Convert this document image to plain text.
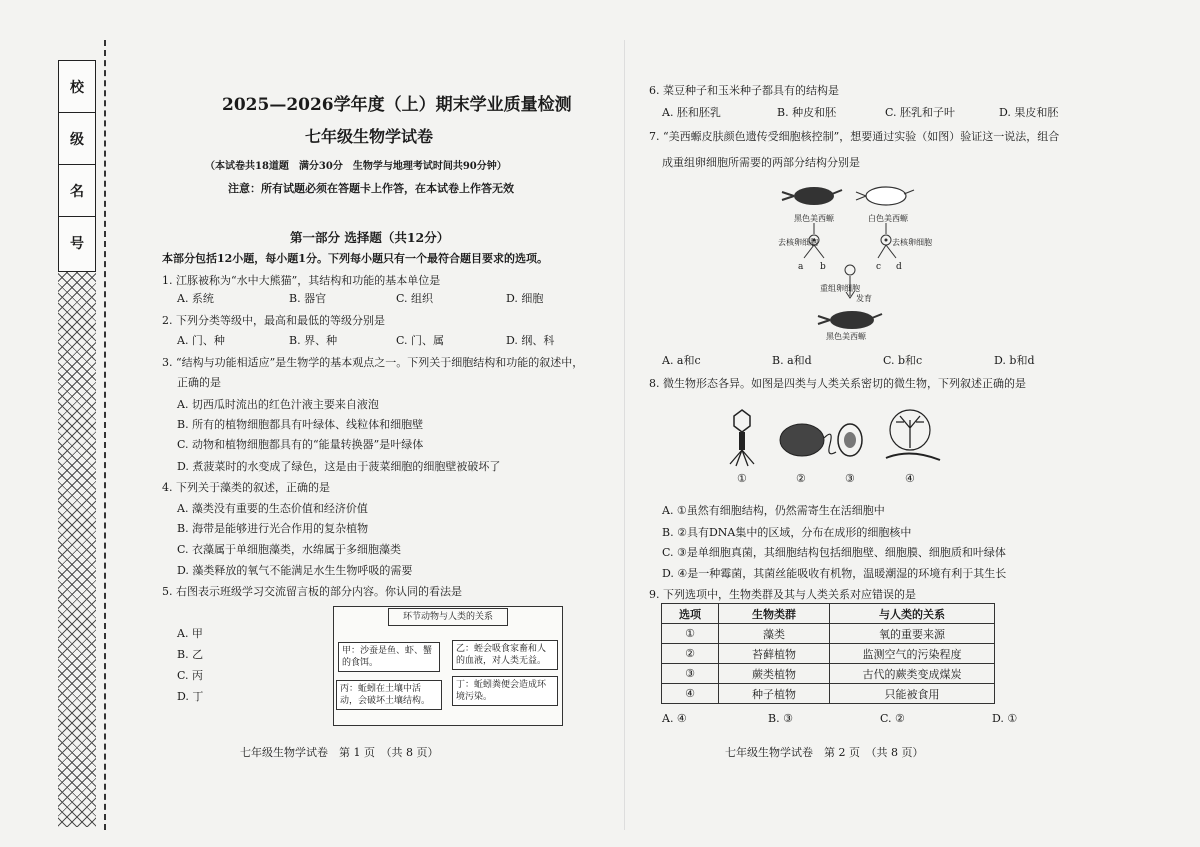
校
级
名
号
2025—2026学年度（上）期末学业质量检测
七年级生物学试卷
（本试卷共18道题　满分30分　生物学与地理考试时间共90分钟）
注意：所有试题必须在答题卡上作答，在本试卷上作答无效
第一部分 选择题（共12分）
本部分包括12小题，每小题1分。下列每小题只有一个最符合题目要求的选项。
1. 江豚被称为“水中大熊猫”，其结构和功能的基本单位是
A. 系统	B. 器官	C. 组织	D. 细胞
2. 下列分类等级中，最高和最低的等级分别是
A. 门、种	B. 界、种	C. 门、属	D. 纲、科
3. “结构与功能相适应”是生物学的基本观点之一。下列关于细胞结构和功能的叙述中，
正确的是
A. 切西瓜时流出的红色汁液主要来自液泡
B. 所有的植物细胞都具有叶绿体、线粒体和细胞壁
C. 动物和植物细胞都具有的“能量转换器”是叶绿体
D. 煮菠菜时的水变成了绿色，这是由于菠菜细胞的细胞壁被破坏了
4. 下列关于藻类的叙述，正确的是
A. 藻类没有重要的生态价值和经济价值
B. 海带是能够进行光合作用的复杂植物
C. 衣藻属于单细胞藻类，水绵属于多细胞藻类
D. 藻类释放的氧气不能满足水生生物呼吸的需要
5. 右图表示班级学习交流留言板的部分内容。你认同的看法是
A. 甲
B. 乙
C. 丙
D. 丁
环节动物与人类的关系
甲：沙蚕是鱼、虾、蟹的食饵。
乙：蛭会吸食家畜和人的血液，对人类无益。
丙：蚯蚓在土壤中活动，会破坏土壤结构。
丁：蚯蚓粪便会造成环境污染。
七年级生物学试卷　第 1 页　（共 8 页）
6. 菜豆种子和玉米种子都具有的结构是
A. 胚和胚乳	B. 种皮和胚	C. 胚乳和子叶	D. 果皮和胚
7. “美西螈皮肤颜色遗传受细胞核控制”，想要通过实验（如图）验证这一说法，组合
成重组卵细胞所需要的两部分结构分别是
黑色美西螈	白色美西螈
去核卵细胞	去核卵细胞
a b	c d
重组卵细胞
发育
黑色美西螈
A. a和c	B. a和d	C. b和c	D. b和d
8. 微生物形态各异。如图是四类与人类关系密切的微生物，下列叙述正确的是
①	②	③	④
A. ①虽然有细胞结构，仍然需寄生在活细胞中
B. ②具有DNA集中的区域，分布在成形的细胞核中
C. ③是单细胞真菌，其细胞结构包括细胞壁、细胞膜、细胞质和叶绿体
D. ④是一种霉菌，其菌丝能吸收有机物，温暖潮湿的环境有利于其生长
9. 下列选项中，生物类群及其与人类关系对应错误的是
选项	生物类群	与人类的关系
①	藻类	氧的重要来源
②	苔藓植物	监测空气的污染程度
③	蕨类植物	古代的蕨类变成煤炭
④	种子植物	只能被食用
A. ④	B. ③	C. ②	D. ①
七年级生物学试卷　第 2 页　（共 8 页）
